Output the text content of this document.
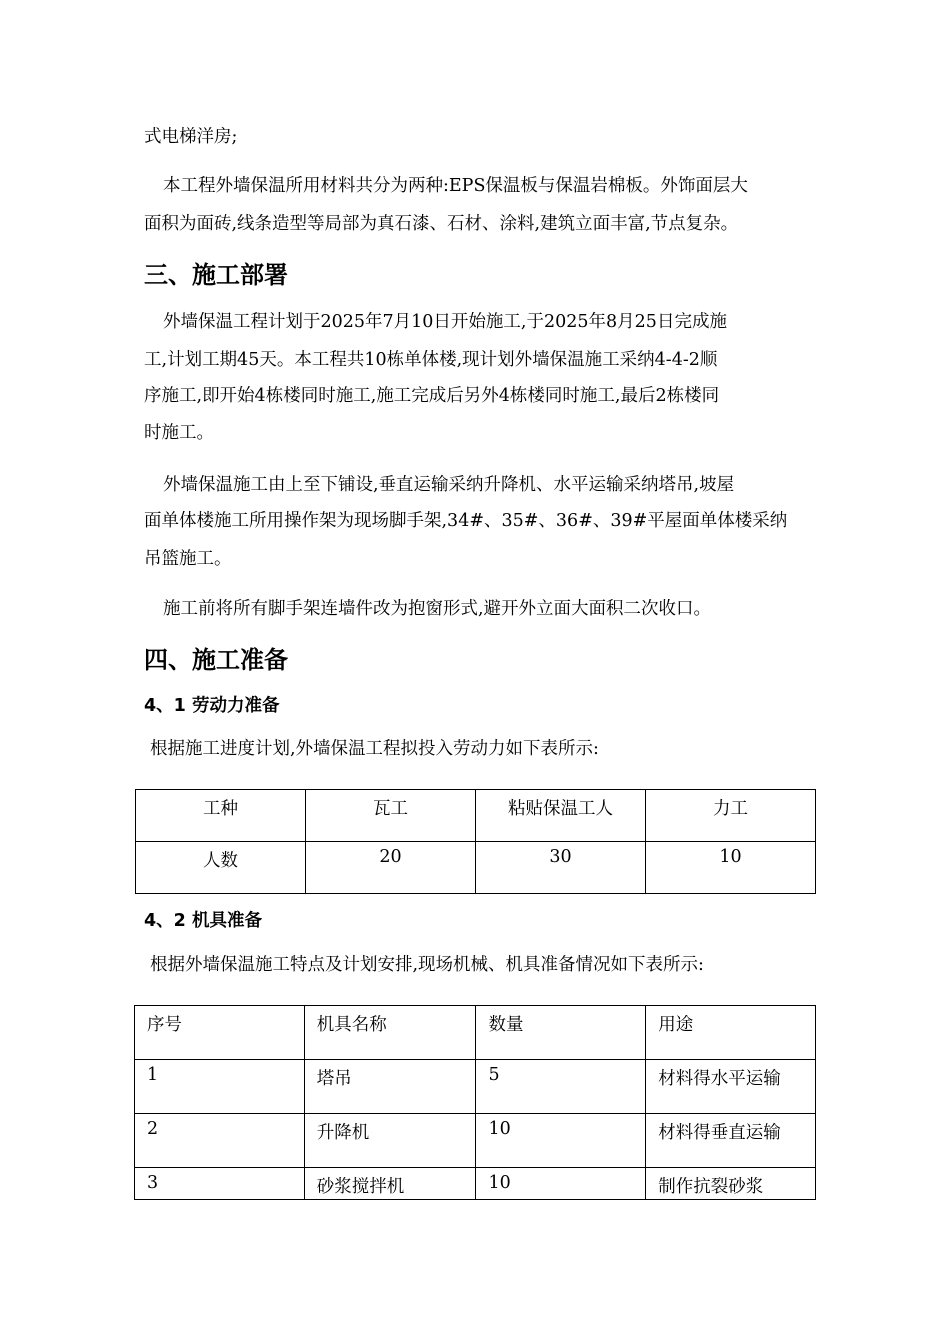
式电梯洋房;
本工程外墙保温所用材料共分为两种:EPS保温板与保温岩棉板。外饰面层大
面积为面砖,线条造型等局部为真石漆、石材、涂料,建筑立面丰富,节点复杂。
三、施工部署
外墙保温工程计划于2025年7月10日开始施工,于2025年8月25日完成施
工,计划工期45天。本工程共10栋单体楼,现计划外墙保温施工采纳4-4-2顺
序施工,即开始4栋楼同时施工,施工完成后另外4栋楼同时施工,最后2栋楼同
时施工。
外墙保温施工由上至下铺设,垂直运输采纳升降机、水平运输采纳塔吊,坡屋
面单体楼施工所用操作架为现场脚手架,34#、35#、36#、39#平屋面单体楼采纳
吊篮施工。
施工前将所有脚手架连墙件改为抱窗形式,避开外立面大面积二次收口。
四、施工准备
4、1 劳动力准备
根据施工进度计划,外墙保温工程拟投入劳动力如下表所示:
工种	瓦工	粘贴保温工人	力工
人数	20	30	10
4、2 机具准备
根据外墙保温施工特点及计划安排,现场机械、机具准备情况如下表所示:
序号	机具名称	数量	用途
1	塔吊	5	材料得水平运输
2	升降机	10	材料得垂直运输
3	砂浆搅拌机	10	制作抗裂砂浆
